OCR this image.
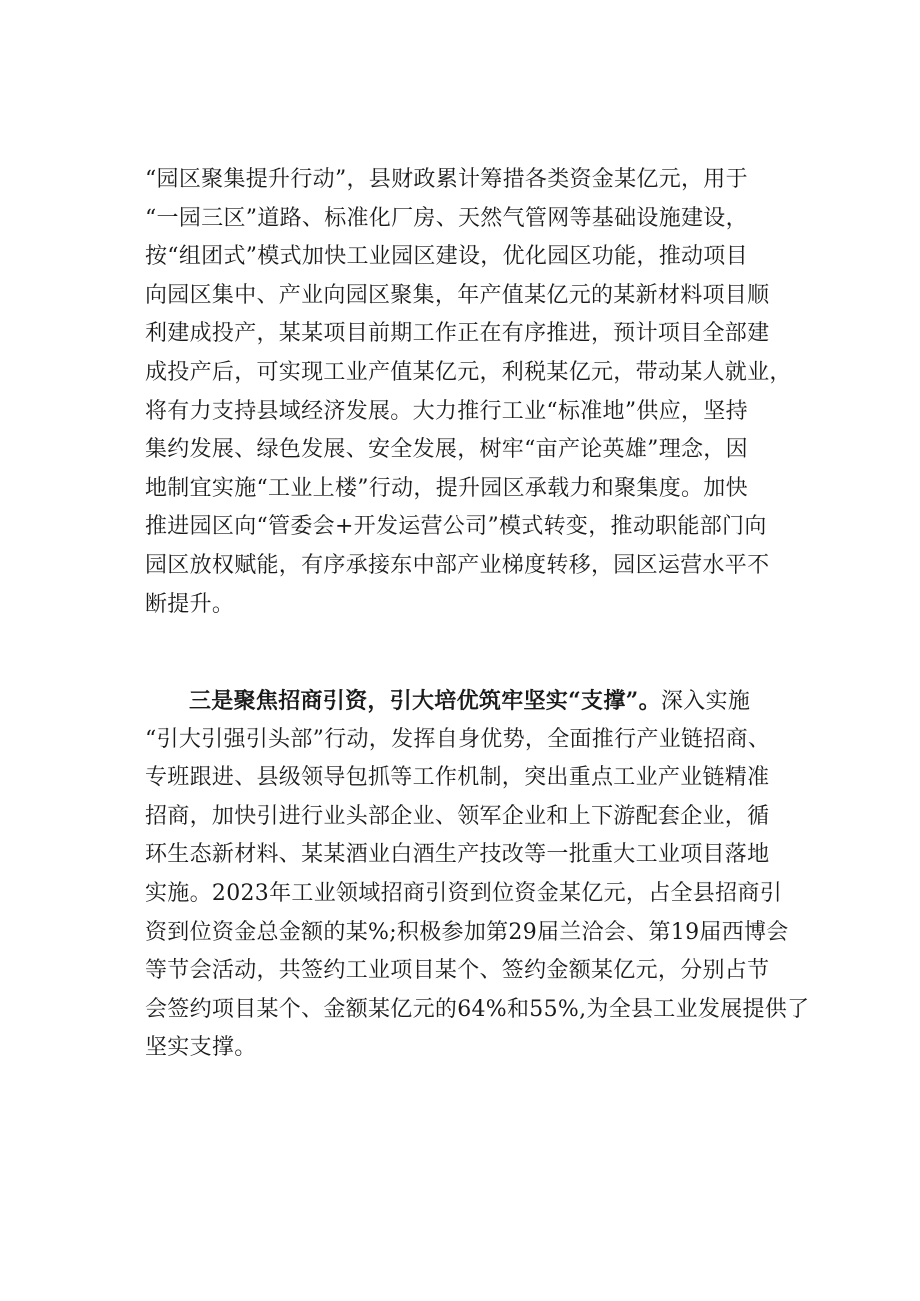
“园区聚集提升行动”，县财政累计筹措各类资金某亿元，用于
“一园三区”道路、标准化厂房、天然气管网等基础设施建设，
按“组团式”模式加快工业园区建设，优化园区功能，推动项目
向园区集中、产业向园区聚集，年产值某亿元的某新材料项目顺
利建成投产，某某项目前期工作正在有序推进，预计项目全部建
成投产后，可实现工业产值某亿元，利税某亿元，带动某人就业，
将有力支持县域经济发展。大力推行工业“标准地”供应，坚持
集约发展、绿色发展、安全发展，树牢“亩产论英雄”理念，因
地制宜实施“工业上楼”行动，提升园区承载力和聚集度。加快
推进园区向“管委会+开发运营公司”模式转变，推动职能部门向
园区放权赋能，有序承接东中部产业梯度转移，园区运营水平不
断提升。
三是聚焦招商引资，引大培优筑牢坚实“支撑”。深入实施
“引大引强引头部”行动，发挥自身优势，全面推行产业链招商、
专班跟进、县级领导包抓等工作机制，突出重点工业产业链精准
招商，加快引进行业头部企业、领军企业和上下游配套企业，循
环生态新材料、某某酒业白酒生产技改等一批重大工业项目落地
实施。2023年工业领域招商引资到位资金某亿元，占全县招商引
资到位资金总金额的某%;积极参加第29届兰洽会、第19届西博会
等节会活动，共签约工业项目某个、签约金额某亿元，分别占节
会签约项目某个、金额某亿元的64%和55%,为全县工业发展提供了
坚实支撑。
